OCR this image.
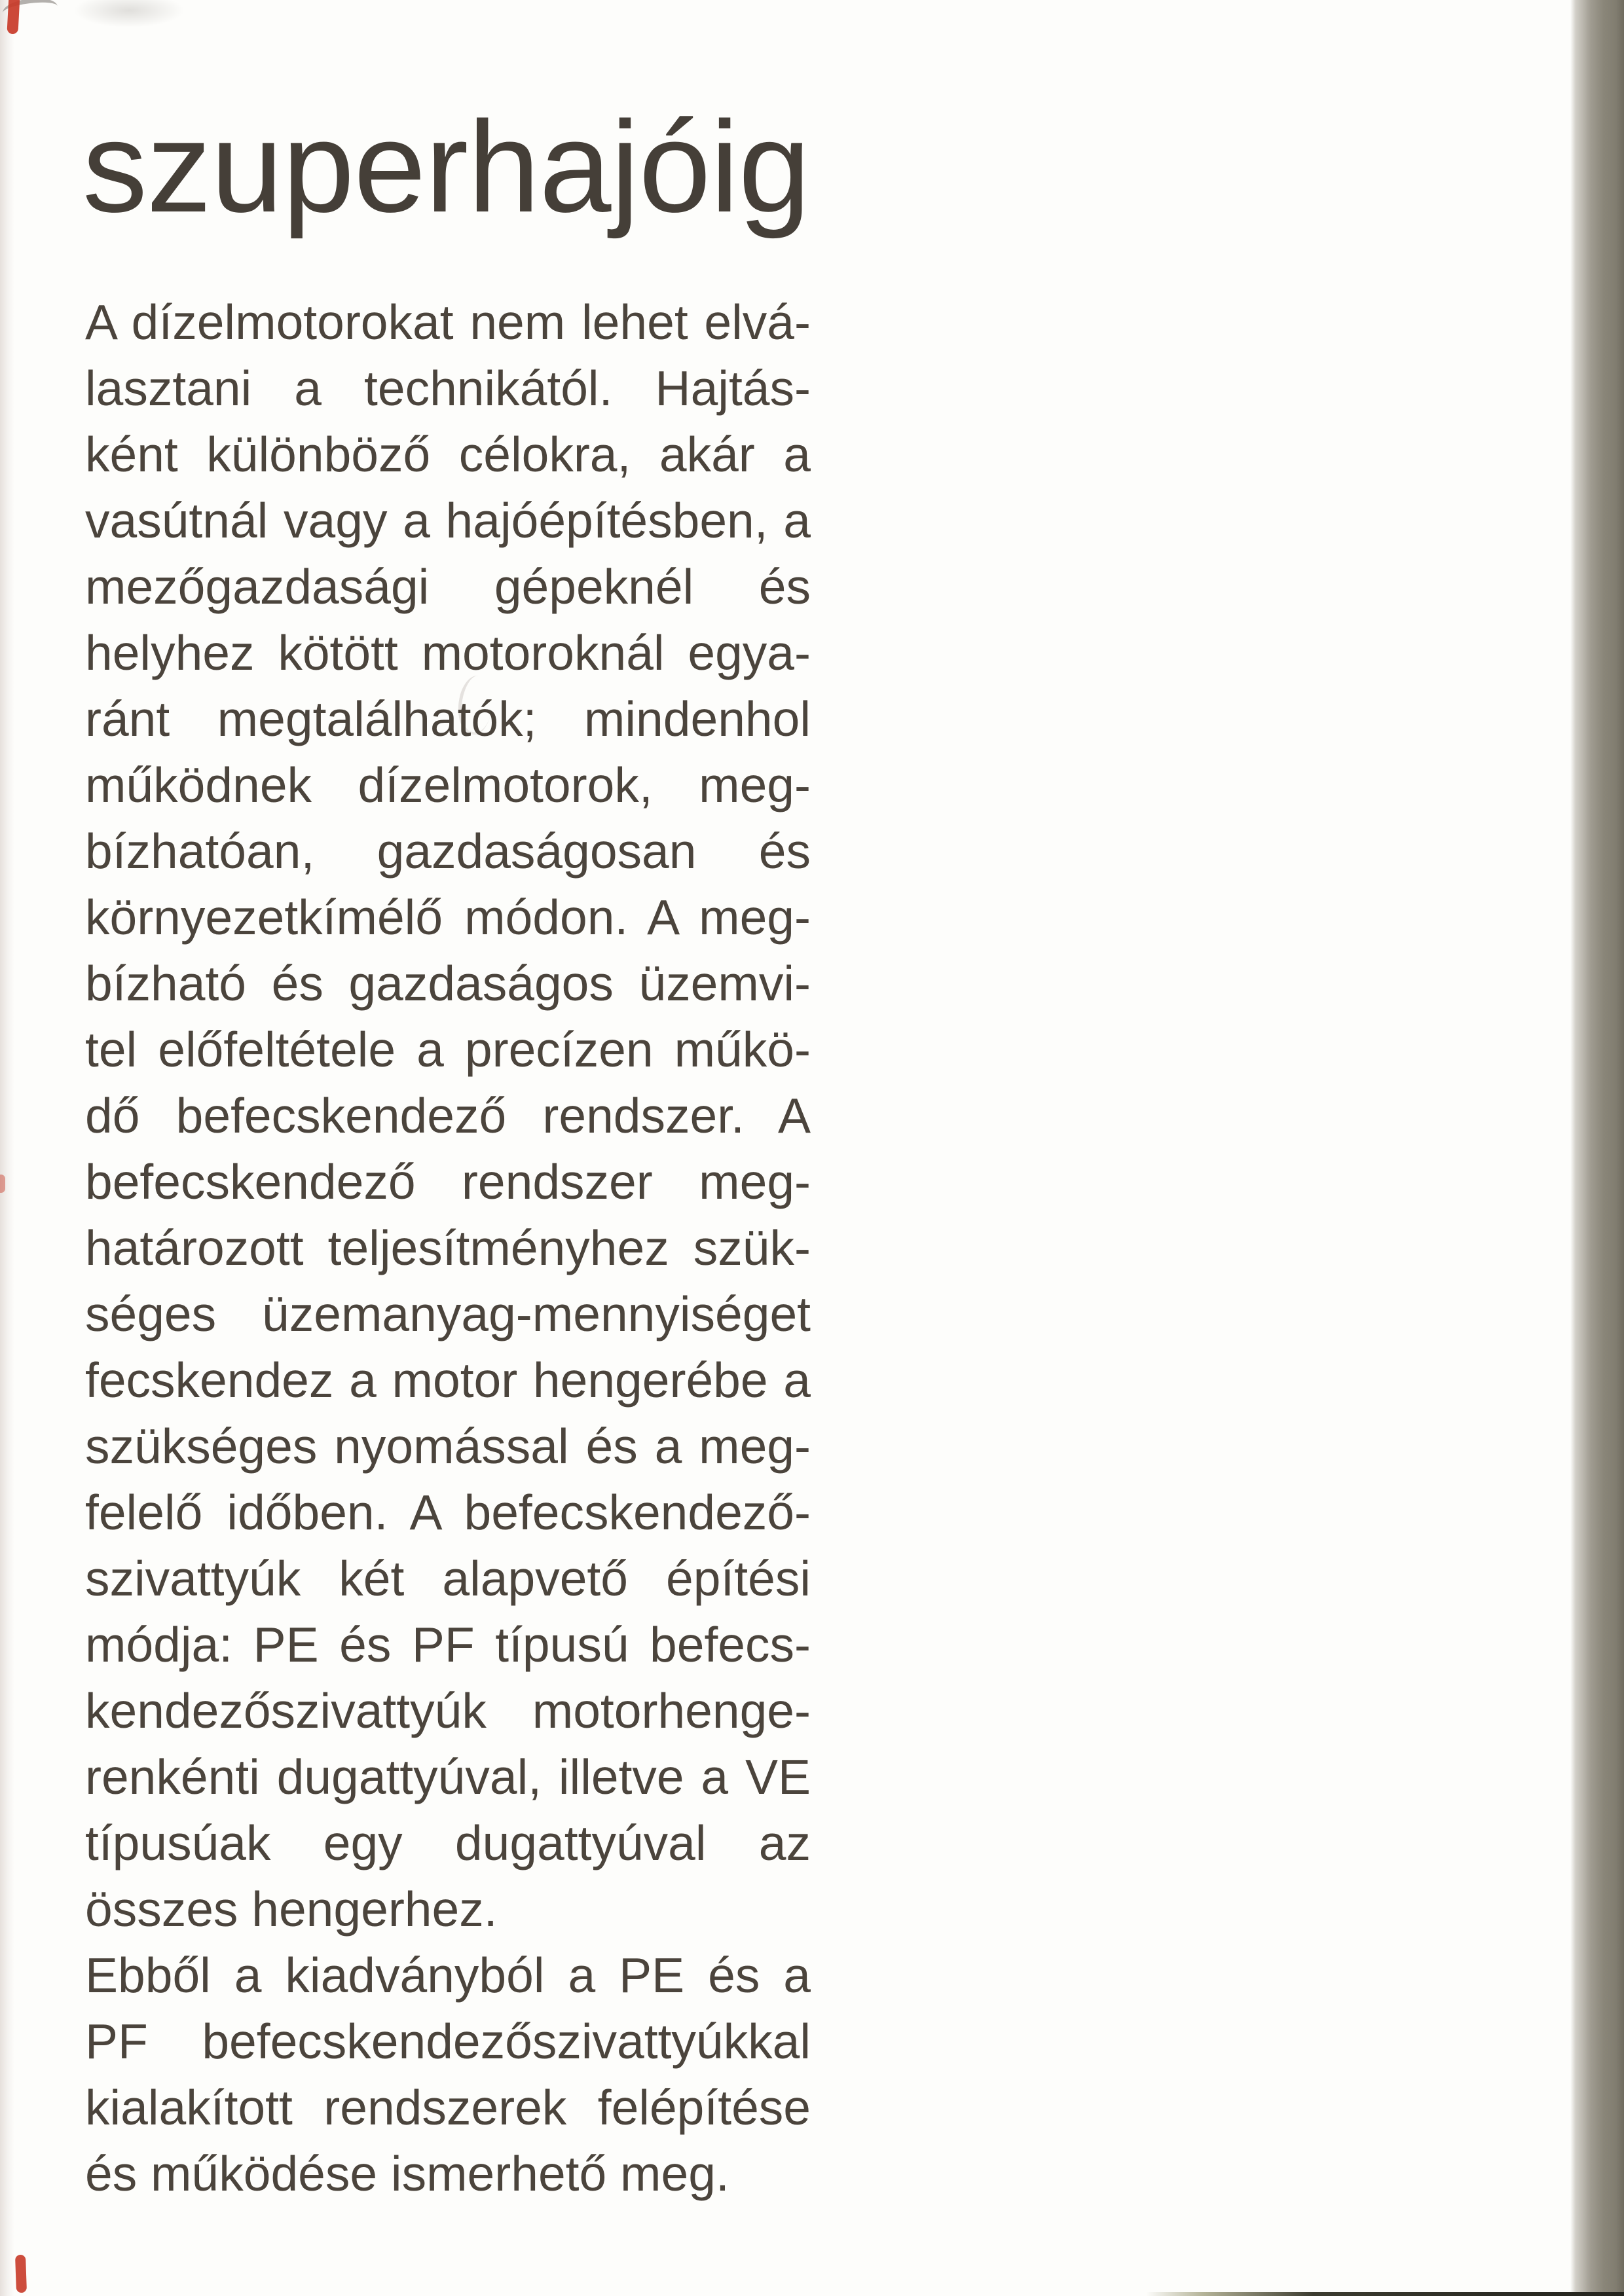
szuperhajóig
A dízelmotorokat nem lehet elvá-
lasztani a technikától. Hajtás-
ként különböző célokra, akár a
vasútnál vagy a hajóépítésben, a
mezőgazdasági gépeknél és
helyhez kötött motoroknál egya-
ránt megtalálhatók; mindenhol
működnek dízelmotorok, meg-
bízhatóan, gazdaságosan és
környezetkímélő módon. A meg-
bízható és gazdaságos üzemvi-
tel előfeltétele a precízen műkö-
dő befecskendező rendszer. A
befecskendező rendszer meg-
határozott teljesítményhez szük-
séges üzemanyag-mennyiséget
fecskendez a motor hengerébe a
szükséges nyomással és a meg-
felelő időben. A befecskendező-
szivattyúk két alapvető építési
módja: PE és PF típusú befecs-
kendezőszivattyúk motorhenge-
renkénti dugattyúval, illetve a VE
típusúak egy dugattyúval az
összes hengerhez.
Ebből a kiadványból a PE és a
PF befecskendezőszivattyúkkal
kialakított rendszerek felépítése
és működése ismerhető meg.
